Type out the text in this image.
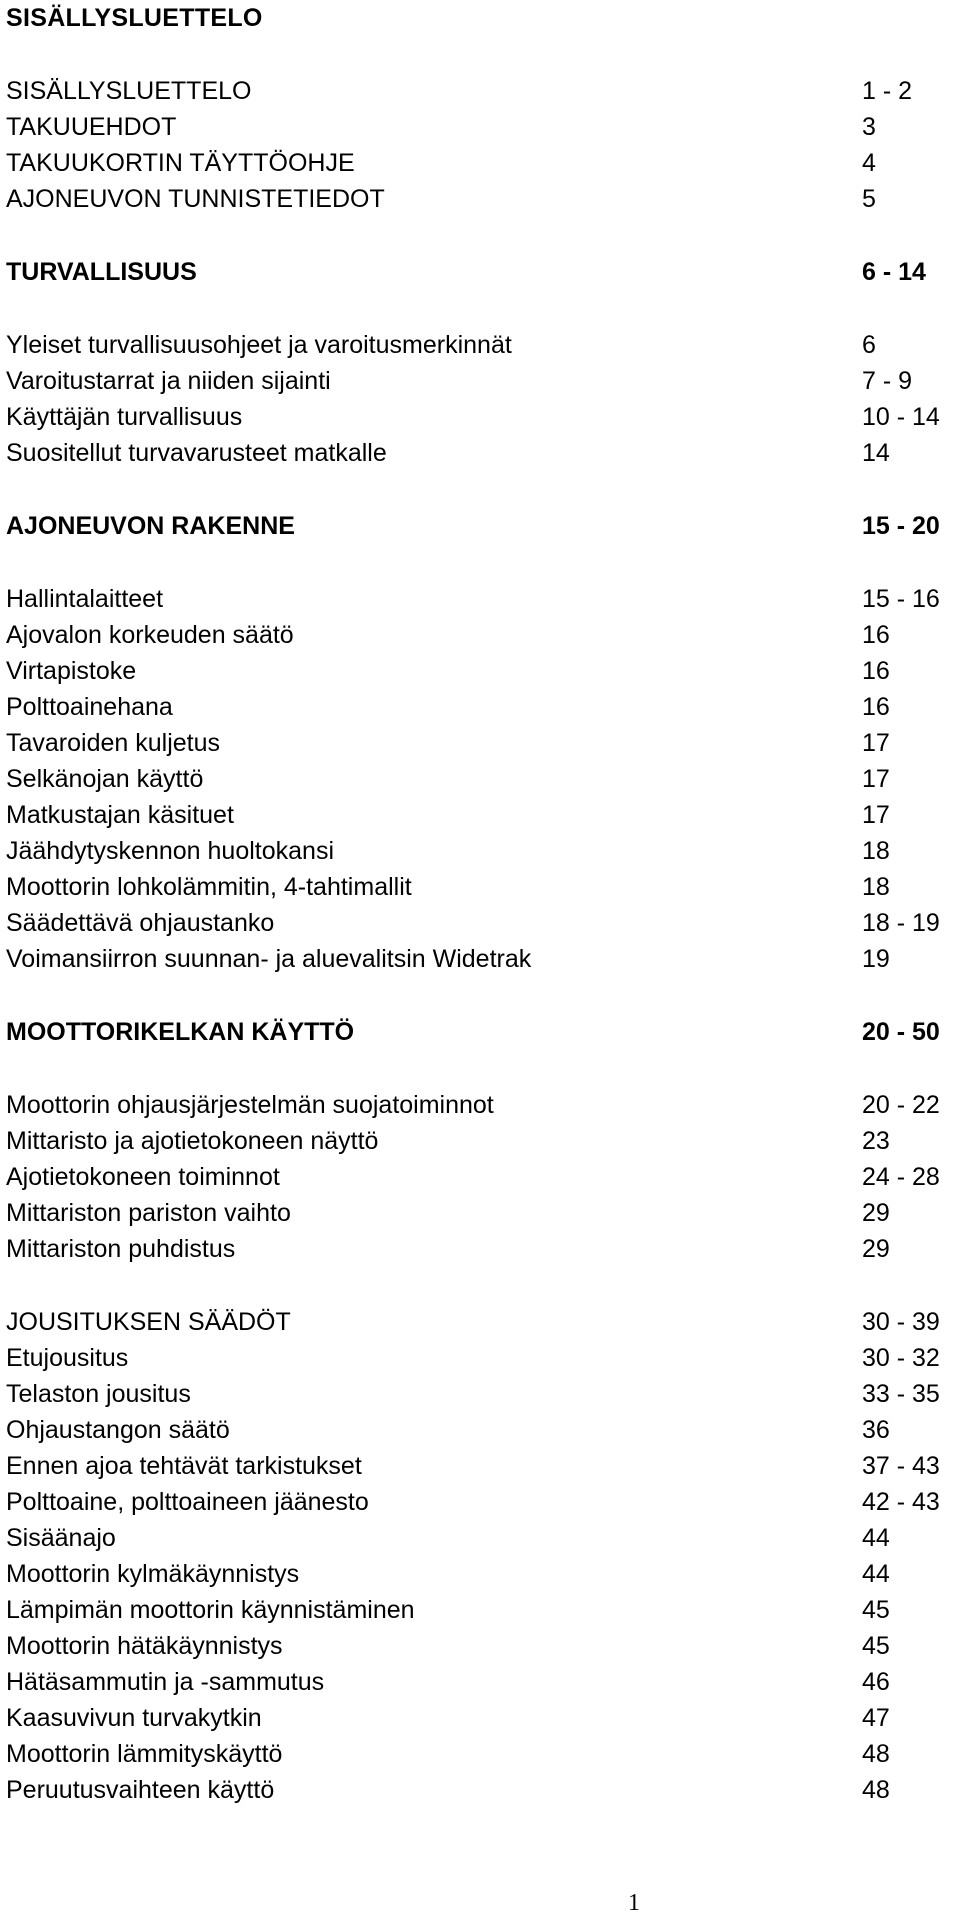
SISÄLLYSLUETTELO
SISÄLLYSLUETTELO	1 - 2
TAKUUEHDOT	3
TAKUUKORTIN TÄYTTÖOHJE	4
AJONEUVON TUNNISTETIEDOT	5
TURVALLISUUS	6 - 14
Yleiset turvallisuusohjeet ja varoitusmerkinnät	6
Varoitustarrat ja niiden sijainti	7 - 9
Käyttäjän turvallisuus	10 - 14
Suositellut turvavarusteet matkalle	14
AJONEUVON RAKENNE	15 - 20
Hallintalaitteet	15 - 16
Ajovalon korkeuden säätö	16
Virtapistoke	16
Polttoainehana	16
Tavaroiden kuljetus	17
Selkänojan käyttö	17
Matkustajan käsituet	17
Jäähdytyskennon huoltokansi	18
Moottorin lohkolämmitin, 4-tahtimallit	18
Säädettävä ohjaustanko	18 - 19
Voimansiirron suunnan- ja aluevalitsin Widetrak	19
MOOTTORIKELKAN KÄYTTÖ	20 - 50
Moottorin ohjausjärjestelmän suojatoiminnot	20 - 22
Mittaristo ja ajotietokoneen näyttö	23
Ajotietokoneen toiminnot	24 - 28
Mittariston pariston vaihto	29
Mittariston puhdistus	29
JOUSITUKSEN SÄÄDÖT	30 - 39
Etujousitus	30 - 32
Telaston jousitus	33 - 35
Ohjaustangon säätö	36
Ennen ajoa tehtävät tarkistukset	37 - 43
Polttoaine, polttoaineen jäänesto	42 - 43
Sisäänajo	44
Moottorin kylmäkäynnistys	44
Lämpimän moottorin käynnistäminen	45
Moottorin hätäkäynnistys	45
Hätäsammutin ja -sammutus	46
Kaasuvivun turvakytkin	47
Moottorin lämmityskäyttö	48
Peruutusvaihteen käyttö	48
1
